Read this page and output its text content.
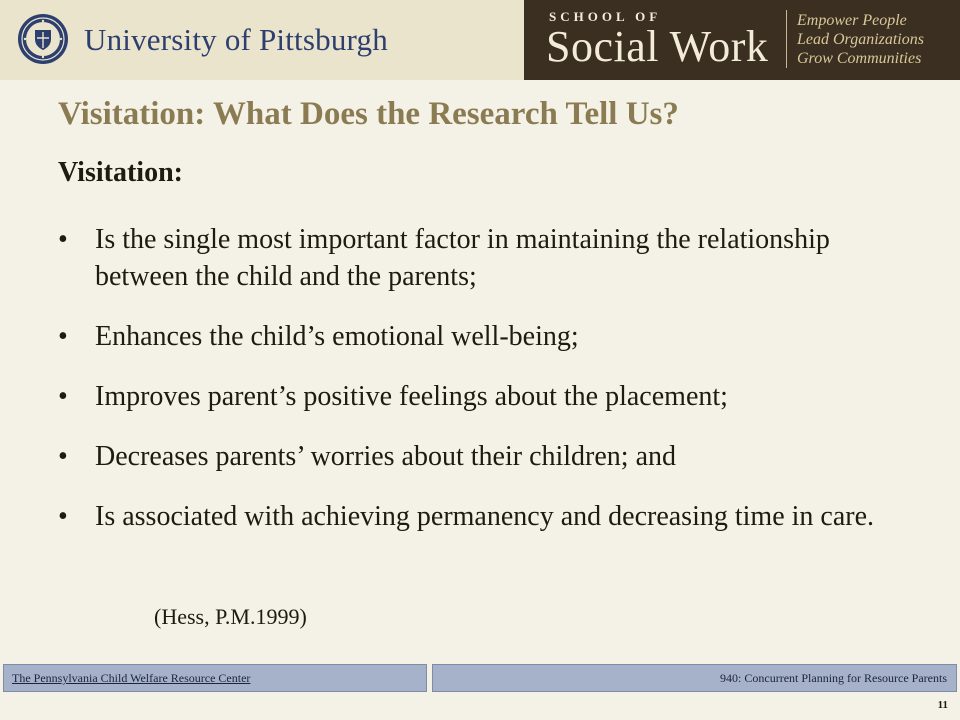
University of Pittsburgh
SCHOOL OF
Social Work
Empower People
Lead Organizations
Grow Communities
Visitation: What Does the Research Tell Us?
Visitation:
• Is the single most important factor in maintaining the relationship between the child and the parents;
• Enhances the child’s emotional well-being;
• Improves parent’s positive feelings about the placement;
• Decreases parents’ worries about their children; and
• Is associated with achieving permanency and decreasing time in care.
(Hess, P.M.1999)
The Pennsylvania Child Welfare Resource Center	940: Concurrent Planning for Resource Parents
11
